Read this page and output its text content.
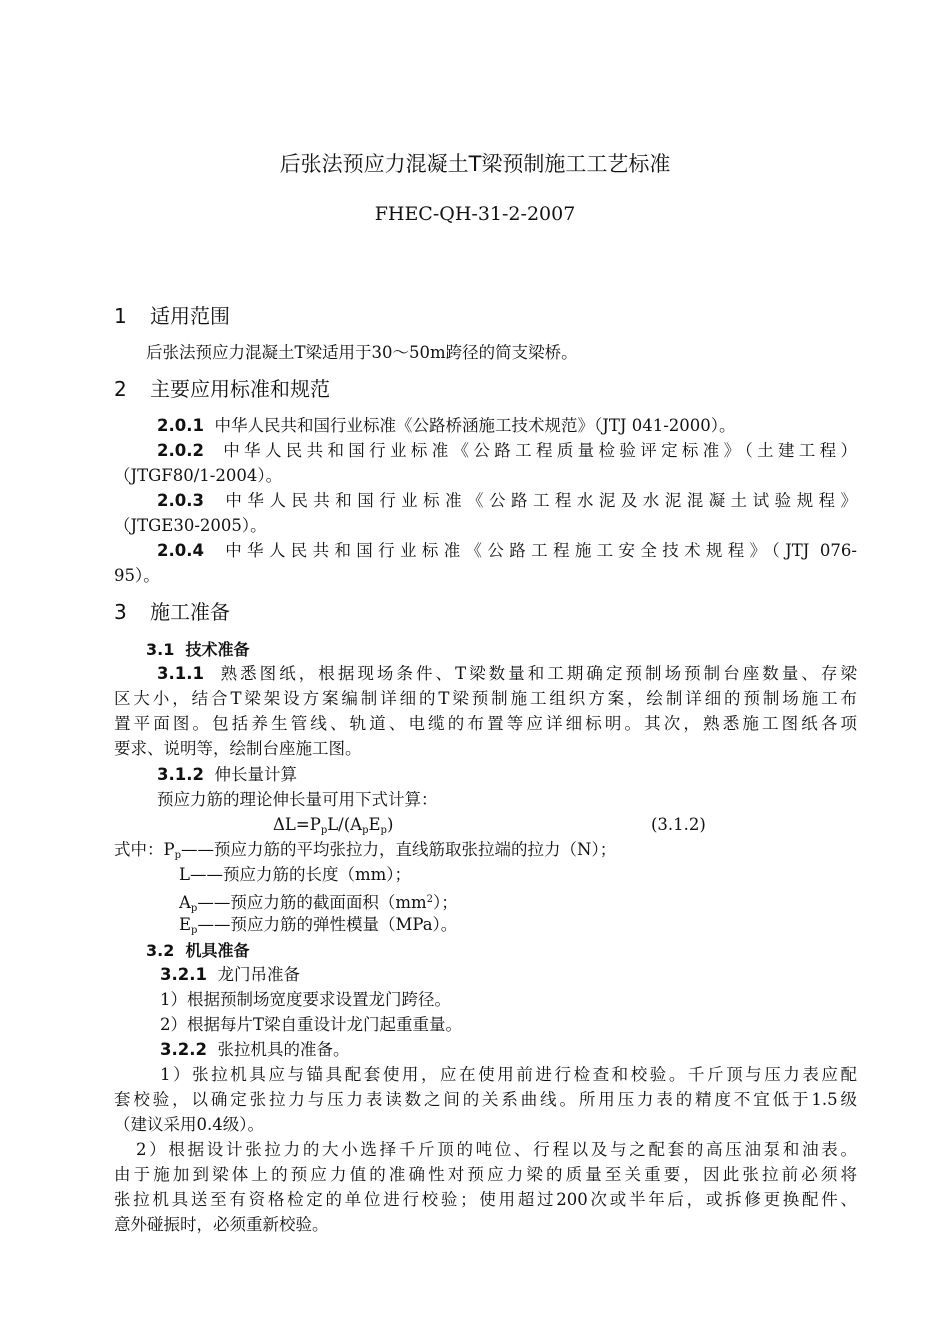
后张法预应力混凝土T梁预制施工工艺标准
FHEC-QH-31-2-2007
1 适用范围
后张法预应力混凝土T梁适用于30～50m跨径的简支梁桥。
2 主要应用标准和规范
2.0.1 中华人民共和国行业标准《公路桥涵施工技术规范》（JTJ 041-2000）。
2.0.2 中华人民共和国行业标准《公路工程质量检验评定标准》（土建工程）
（JTGF80/1-2004）。
2.0.3 中华人民共和国行业标准《公路工程水泥及水泥混凝土试验规程》
（JTGE30-2005）。
2.0.4 中华人民共和国行业标准《公路工程施工安全技术规程》（JTJ 076-
95）。
3 施工准备
3.1 技术准备
3.1.1 熟悉图纸，根据现场条件、T梁数量和工期确定预制场预制台座数量、存梁
区大小，结合T梁架设方案编制详细的T梁预制施工组织方案，绘制详细的预制场施工布
置平面图。包括养生管线、轨道、电缆的布置等应详细标明。其次，熟悉施工图纸各项
要求、说明等，绘制台座施工图。
3.1.2 伸长量计算
预应力筋的理论伸长量可用下式计算：
$\Delta L=P_pL/(A_pE_p)$	(3.1.2)
式中：$P_p——$预应力筋的平均张拉力，直线筋取张拉端的拉力（N）；
L——预应力筋的长度（mm）；
$A_p——$预应力筋的截面面积$(mm^2)$；
$E_p——$预应力筋的弹性模量（MPa）。
3.2 机具准备
3.2.1 龙门吊准备
1）根据预制场宽度要求设置龙门跨径。
2）根据每片T梁自重设计龙门起重重量。
3.2.2 张拉机具的准备。
1）张拉机具应与锚具配套使用，应在使用前进行检查和校验。千斤顶与压力表应配
套校验，以确定张拉力与压力表读数之间的关系曲线。所用压力表的精度不宜低于1.5级
（建议采用0.4级）。
2）根据设计张拉力的大小选择千斤顶的吨位、行程以及与之配套的高压油泵和油表。
由于施加到梁体上的预应力值的准确性对预应力梁的质量至关重要，因此张拉前必须将
张拉机具送至有资格检定的单位进行校验；使用超过200次或半年后，或拆修更换配件、
意外碰振时，必须重新校验。
